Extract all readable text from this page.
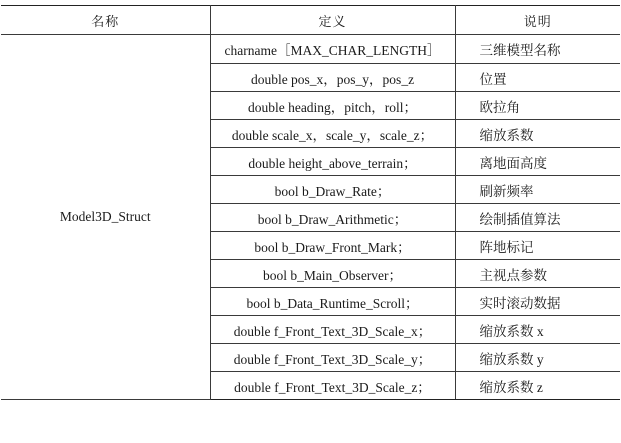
名称	定义	说明
Model3D_Struct	charname［MAX_CHAR_LENGTH］	三维模型名称
	double pos_x，pos_y，pos_z	位置
	double heading，pitch，roll；	欧拉角
	double scale_x，scale_y，scale_z；	缩放系数
	double height_above_terrain；	离地面高度
	bool b_Draw_Rate；	刷新频率
	bool b_Draw_Arithmetic；	绘制插值算法
	bool b_Draw_Front_Mark；	阵地标记
	bool b_Main_Observer；	主视点参数
	bool b_Data_Runtime_Scroll；	实时滚动数据
	double f_Front_Text_3D_Scale_x；	缩放系数 x
	double f_Front_Text_3D_Scale_y；	缩放系数 y
	double f_Front_Text_3D_Scale_z；	缩放系数 z
